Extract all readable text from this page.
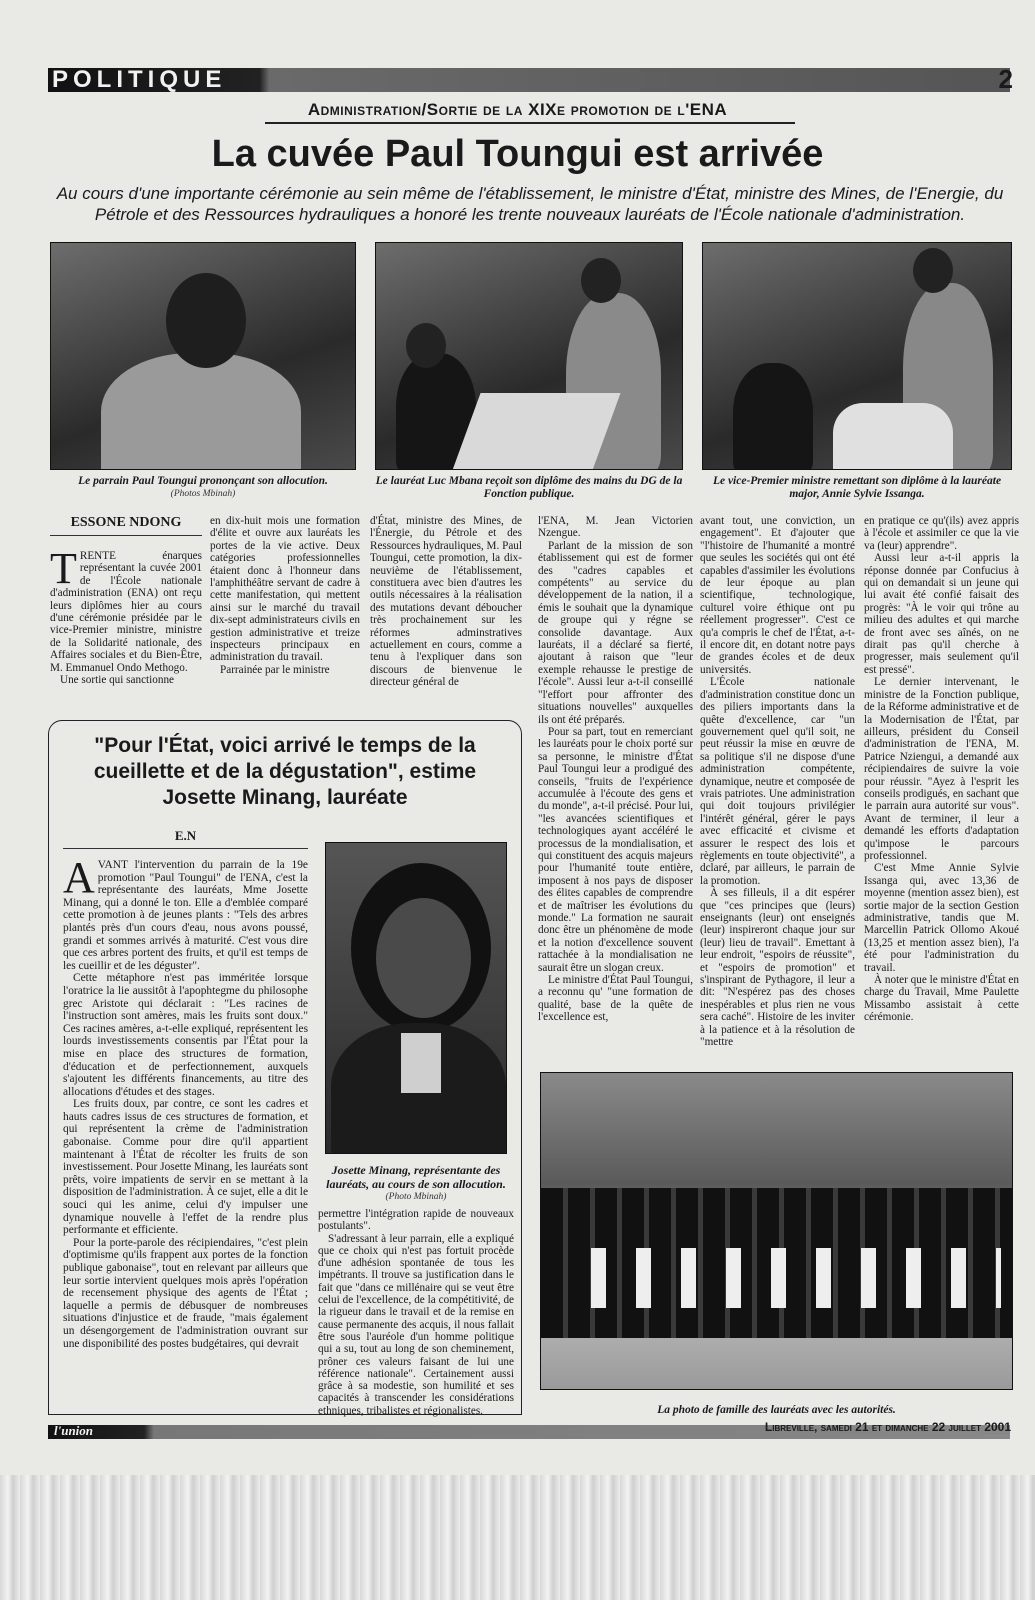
POLITIQUE	2
Administration/Sortie de la XIXe promotion de l'ENA
La cuvée Paul Toungui est arrivée
Au cours d'une importante cérémonie au sein même de l'établissement, le ministre d'État, ministre des Mines, de l'Energie, du Pétrole et des Ressources hydrauliques a honoré les trente nouveaux lauréats de l'École nationale d'administration.
Le parrain Paul Toungui prononçant son allocution.
(Photos Mbinah)
Le lauréat Luc Mbana reçoit son diplôme des mains du DG de la Fonction publique.
Le vice-Premier ministre remettant son diplôme à la lauréate major, Annie Sylvie Issanga.
ESSONE NDONG

TRENTE énarques représentant la cuvée 2001 de l'École nationale d'administration (ENA) ont reçu leurs diplômes hier au cours d'une cérémonie présidée par le vice-Premier ministre, ministre de la Solidarité nationale, des Affaires sociales et du Bien-Être, M. Emmanuel Ondo Methogo.

Une sortie qui sanctionne

en dix-huit mois une formation d'élite et ouvre aux lauréats les portes de la vie active. Deux catégories professionnelles étaient donc à l'honneur dans l'amphithéâtre servant de cadre à cette manifestation, qui mettent ainsi sur le marché du travail dix-sept administrateurs civils en gestion administrative et treize inspecteurs principaux en administration du travail.

Parrainée par le ministre

d'État, ministre des Mines, de l'Énergie, du Pétrole et des Ressources hydrauliques, M. Paul Toungui, cette promotion, la dix-neuvième de l'établissement, constituera avec bien d'autres les outils nécessaires à la réalisation des mutations devant déboucher très prochainement sur les réformes adminstratives actuellement en cours, comme a tenu à l'expliquer dans son discours de bienvenue le directeur général de

l'ENA, M. Jean Victorien Nzengue.

Parlant de la mission de son établissement qui est de former des "cadres capables et compétents" au service du développement de la nation, il a émis le souhait que la dynamique de groupe qui y régne se consolide davantage. Aux lauréats, il a déclaré sa fierté, ajoutant à raison que "leur exemple rehausse le prestige de l'école". Aussi leur a-t-il conseillé "l'effort pour affronter des situations nouvelles" auxquelles ils ont été préparés.

Pour sa part, tout en remerciant les lauréats pour le choix porté sur sa personne, le ministre d'État Paul Toungui leur a prodigué des conseils, "fruits de l'expérience accumulée à l'écoute des gens et du monde", a-t-il précisé. Pour lui, "les avancées scientifiques et technologiques ayant accéléré le processus de la mondialisation, et qui constituent des acquis majeurs pour l'humanité toute entière, imposent à nos pays de disposer des élites capables de comprendre et de maîtriser les évolutions du monde." La formation ne saurait donc être un phénomène de mode et la notion d'excellence souvent rattachée à la mondialisation ne saurait être un slogan creux.

Le ministre d'État Paul Toungui, a reconnu qu' "une formation de qualité, base de la quête de l'excellence est,

avant tout, une conviction, un engagement". Et d'ajouter que "l'histoire de l'humanité a montré que seules les sociétés qui ont été capables d'assimiler les évolutions de leur époque au plan scientifique, technologique, culturel voire éthique ont pu réellement progresser". C'est ce qu'a compris le chef de l'État, a-t-il encore dit, en dotant notre pays de grandes écoles et de deux universités.

L'École nationale d'administration constitue donc un des piliers importants dans la quête d'excellence, car "un gouvernement quel qu'il soit, ne peut réussir la mise en œuvre de sa politique s'il ne dispose d'une administration compétente, dynamique, neutre et composée de vrais patriotes. Une administration qui doit toujours privilégier l'intérêt général, gérer le pays avec efficacité et civisme et assurer le respect des lois et règlements en toute objectivité", a dclaré, par ailleurs, le parrain de la promotion.

À ses filleuls, il a dit espérer que "ces principes que (leurs) enseignants (leur) ont enseignés (leur) inspireront chaque jour sur (leur) lieu de travail". Emettant à leur endroit, "espoirs de réussite", et "espoirs de promotion" et s'inspirant de Pythagore, il leur a dit: "N'espérez pas des choses inespérables et plus rien ne vous sera caché". Histoire de les inviter à la patience et à la résolution de "mettre

en pratique ce qu'(ils) avez appris à l'école et assimiler ce que la vie va (leur) apprendre".

Aussi leur a-t-il appris la réponse donnée par Confucius à qui on demandait si un jeune qui lui avait été confié faisait des progrès: "À le voir qui trône au milieu des adultes et qui marche de front avec ses aînés, on ne dirait pas qu'il cherche à progresser, mais seulement qu'il est pressé".

Le dernier intervenant, le ministre de la Fonction publique, de la Réforme administrative et de la Modernisation de l'État, par ailleurs, président du Conseil d'administration de l'ENA, M. Patrice Nziengui, a demandé aux récipiendaires de suivre la voie pour réussir. "Ayez à l'esprit les conseils prodigués, en sachant que le parrain aura autorité sur vous". Avant de terminer, il leur a demandé les efforts d'adaptation qu'impose le parcours professionnel.

C'est Mme Annie Sylvie Issanga qui, avec 13,36 de moyenne (mention assez bien), est sortie major de la section Gestion administrative, tandis que M. Marcellin Patrick Ollomo Akoué (13,25 et mention assez bien), l'a été pour l'administration du travail.

À noter que le ministre d'État en charge du Travail, Mme Paulette Missambo assistait à cette cérémonie.

"Pour l'État, voici arrivé le temps de la cueillette et de la dégustation", estime Josette Minang, lauréate
E.N

AVANT l'intervention du parrain de la 19e promotion "Paul Toungui" de l'ENA, c'est la représentante des lauréats, Mme Josette Minang, qui a donné le ton. Elle a d'emblée comparé cette promotion à de jeunes plants : "Tels des arbres plantés près d'un cours d'eau, nous avons poussé, grandi et sommes arrivés à maturité. C'est vous dire que ces arbres portent des fruits, et qu'il est temps de les cueillir et de les déguster".

Cette métaphore n'est pas imméritée lorsque l'oratrice la lie aussitôt à l'apophtegme du philosophe grec Aristote qui déclarait : "Les racines de l'instruction sont amères, mais les fruits sont doux." Ces racines amères, a-t-elle expliqué, représentent les lourds investissements consentis par l'État pour la mise en place des structures de formation, d'éducation et de perfectionnement, auxquels s'ajoutent les différents financements, au titre des allocations d'études et des stages.

Les fruits doux, par contre, ce sont les cadres et hauts cadres issus de ces structures de formation, et qui représentent la crème de l'administration gabonaise. Comme pour dire qu'il appartient maintenant à l'État de récolter les fruits de son investissement. Pour Josette Minang, les lauréats sont prêts, voire impatients de servir en se mettant à la disposition de l'administration. À ce sujet, elle a dit le souci qui les anime, celui d'y impulser une dynamique nouvelle à l'effet de la rendre plus performante et efficiente.

Pour la porte-parole des récipiendaires, "c'est plein d'optimisme qu'ils frappent aux portes de la fonction publique gabonaise", tout en relevant par ailleurs que leur sortie intervient quelques mois après l'opération de recensement physique des agents de l'État ; laquelle a permis de débusquer de nombreuses situations d'injustice et de fraude, "mais également un désengorgement de l'administration ouvrant sur une disponibilité des postes budgétaires, qui devrait

Josette Minang, représentante des lauréats, au cours de son allocution.
(Photo Mbinah)

permettre l'intégration rapide de nouveaux postulants".

S'adressant à leur parrain, elle a expliqué que ce choix qui n'est pas fortuit procède d'une adhésion spontanée de tous les impétrants. Il trouve sa justification dans le fait que "dans ce millénaire qui se veut être celui de l'excellence, de la compétitivité, de la rigueur dans le travail et de la remise en cause permanente des acquis, il nous fallait être sous l'auréole d'un homme politique qui a su, tout au long de son cheminement, prôner ces valeurs faisant de lui une référence nationale". Certainement aussi grâce à sa modestie, son humilité et ses capacités à transcender les considérations ethniques, tribalistes et régionalistes.	La photo de famille des lauréats avec les autorités.
l'union	Libreville, samedi 21 et dimanche 22 juillet 2001
